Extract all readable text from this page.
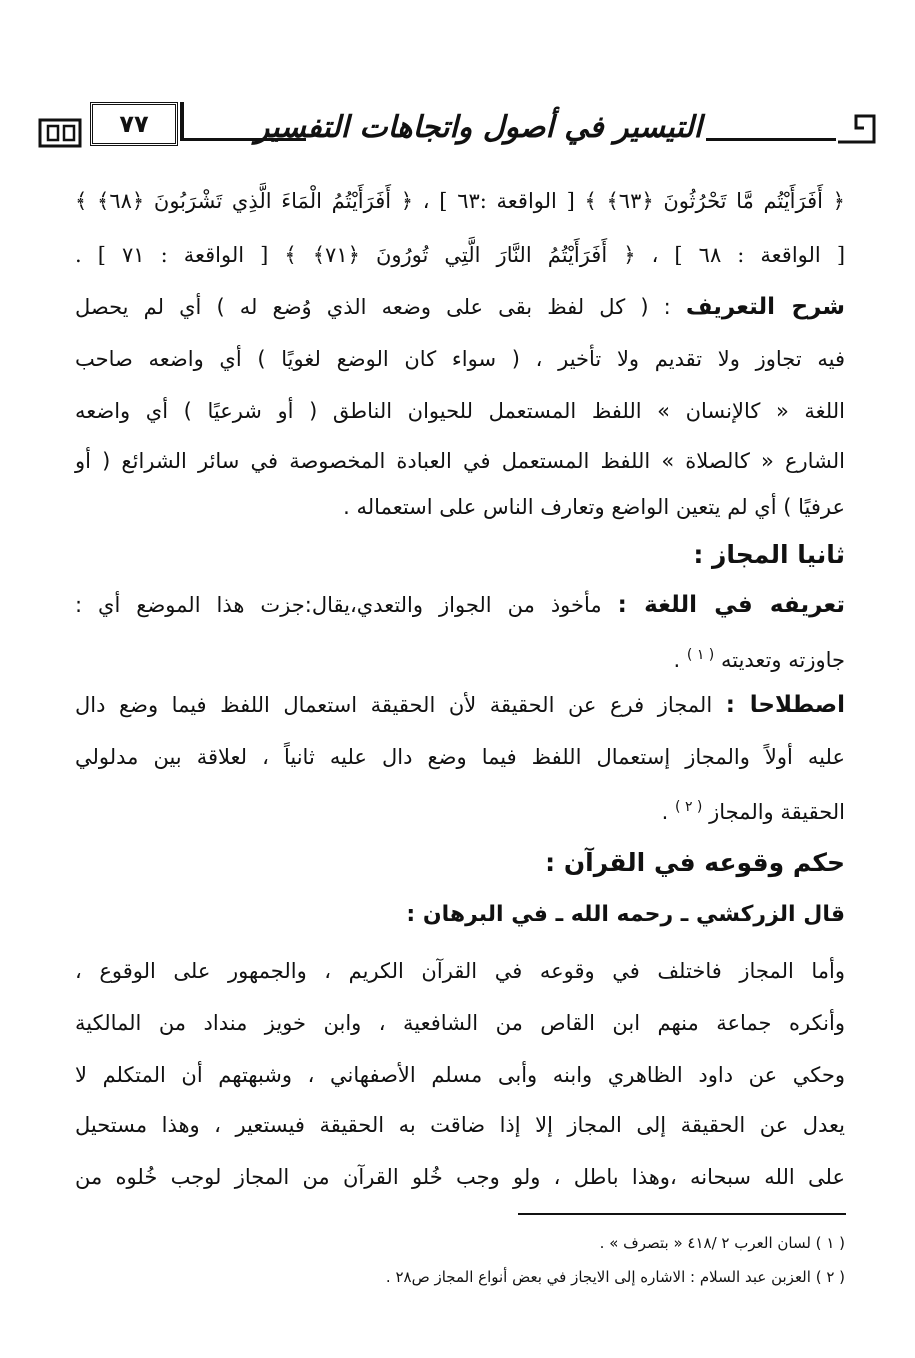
٧٧	التيسير في أصول واتجاهات التفسير
﴿ أَفَرَأَيْتُم مَّا تَحْرُثُونَ ﴿٦٣﴾ ﴾ [ الواقعة :٦٣ ] ، ﴿ أَفَرَأَيْتُمُ الْمَاءَ الَّذِي تَشْرَبُونَ ﴿٦٨﴾ ﴾
[ الواقعة : ٦٨ ] ، ﴿ أَفَرَأَيْتُمُ النَّارَ الَّتِي تُورُونَ ﴿٧١﴾ ﴾ [ الواقعة : ٧١ ] .
شرح التعريف : ( كل لفظ بقى على وضعه الذي وُضع له ) أي لم يحصل
فيه تجاوز ولا تقديم ولا تأخير ، ( سواء كان الوضع لغويًا ) أي واضعه صاحب
اللغة « كالإنسان » اللفظ المستعمل للحيوان الناطق ( أو شرعيًا ) أي واضعه
الشارع « كالصلاة » اللفظ المستعمل في العبادة المخصوصة في سائر الشرائع ( أو
عرفيًا ) أي لم يتعين الواضع وتعارف الناس على استعماله .
ثانيا المجاز :
تعريفه في اللغة : مأخوذ من الجواز والتعدي،يقال:جزت هذا الموضع أي :
جاوزته وتعديته $^{( ١ )}$ .
اصطلاحا : المجاز فرع عن الحقيقة لأن الحقيقة استعمال اللفظ فيما وضع دال
عليه أولاً والمجاز إستعمال اللفظ فيما وضع دال عليه ثانياً ، لعلاقة بين مدلولي
الحقيقة والمجاز $^{( ٢ )}$ .
حكم وقوعه في القرآن :
قال الزركشي ـ رحمه الله ـ في البرهان :
وأما المجاز فاختلف في وقوعه في القرآن الكريم ، والجمهور على الوقوع ،
وأنكره جماعة منهم ابن القاص من الشافعية ، وابن خويز منداد من المالكية
وحكي عن داود الظاهري وابنه وأبى مسلم الأصفهاني ، وشبهتهم أن المتكلم لا
يعدل عن الحقيقة إلى المجاز إلا إذا ضاقت به الحقيقة فيستعير ، وهذا مستحيل
على الله سبحانه ،وهذا باطل ، ولو وجب خُلو القرآن من المجاز لوجب خُلوه من
( ١ ) لسان العرب ٢ /٤١٨ « بتصرف » .
( ٢ ) العزبن عبد السلام : الاشاره إلى الايجاز في بعض أنواع المجاز ص٢٨ .
